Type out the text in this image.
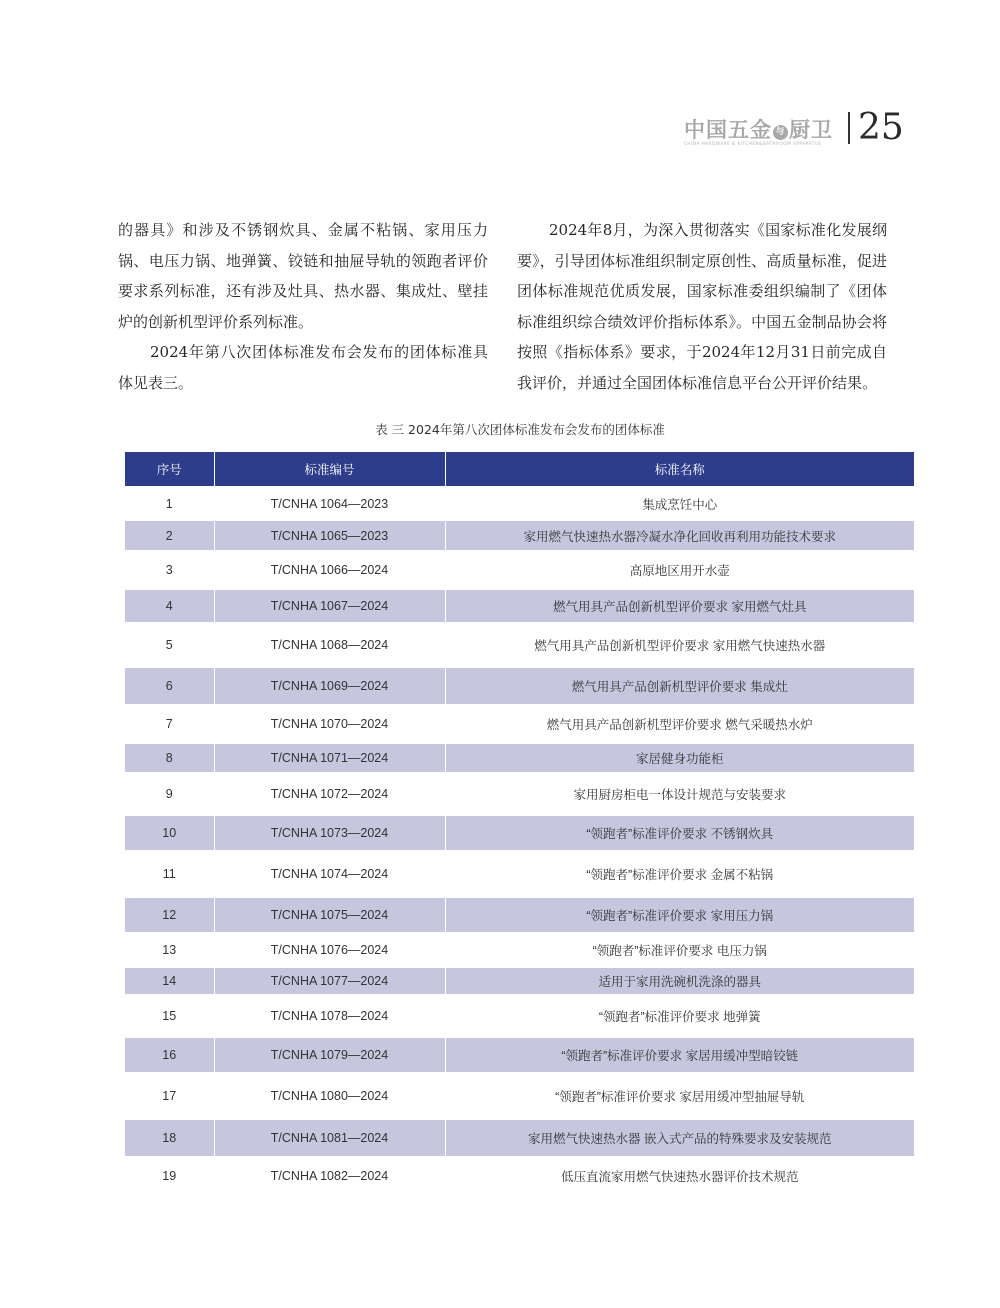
中国五金 与 厨卫
CHINA HARDWARE & KITCHEN&BATHROOM APPARATUS 25

的器具》和涉及不锈钢炊具、金属不粘锅、家用压力锅、电压力锅、地弹簧、铰链和抽屉导轨的领跑者评价要求系列标准，还有涉及灶具、热水器、集成灶、壁挂炉的创新机型评价系列标准。

2024年第八次团体标准发布会发布的团体标准具体见表三。

2024年8月，为深入贯彻落实《国家标准化发展纲要》，引导团体标准组织制定原创性、高质量标准，促进团体标准规范优质发展，国家标准委组织编制了《团体标准组织综合绩效评价指标体系》。中国五金制品协会将按照《指标体系》要求，于2024年12月31日前完成自我评价，并通过全国团体标准信息平台公开评价结果。

表 三 2024年第八次团体标准发布会发布的团体标准
序号	标准编号	标准名称
1	T/CNHA 1064—2023	集成烹饪中心
2	T/CNHA 1065—2023	家用燃气快速热水器冷凝水净化回收再利用功能技术要求
3	T/CNHA 1066—2024	高原地区用开水壶
4	T/CNHA 1067—2024	燃气用具产品创新机型评价要求 家用燃气灶具
5	T/CNHA 1068—2024	燃气用具产品创新机型评价要求 家用燃气快速热水器
6	T/CNHA 1069—2024	燃气用具产品创新机型评价要求 集成灶
7	T/CNHA 1070—2024	燃气用具产品创新机型评价要求 燃气采暖热水炉
8	T/CNHA 1071—2024	家居健身功能柜
9	T/CNHA 1072—2024	家用厨房柜电一体设计规范与安装要求
10	T/CNHA 1073—2024	“领跑者”标准评价要求 不锈钢炊具
11	T/CNHA 1074—2024	“领跑者”标准评价要求 金属不粘锅
12	T/CNHA 1075—2024	“领跑者”标准评价要求 家用压力锅
13	T/CNHA 1076—2024	“领跑者”标准评价要求 电压力锅
14	T/CNHA 1077—2024	适用于家用洗碗机洗涤的器具
15	T/CNHA 1078—2024	“领跑者”标准评价要求 地弹簧
16	T/CNHA 1079—2024	“领跑者”标准评价要求 家居用缓冲型暗铰链
17	T/CNHA 1080—2024	“领跑者”标准评价要求 家居用缓冲型抽屉导轨
18	T/CNHA 1081—2024	家用燃气快速热水器 嵌入式产品的特殊要求及安装规范
19	T/CNHA 1082—2024	低压直流家用燃气快速热水器评价技术规范
